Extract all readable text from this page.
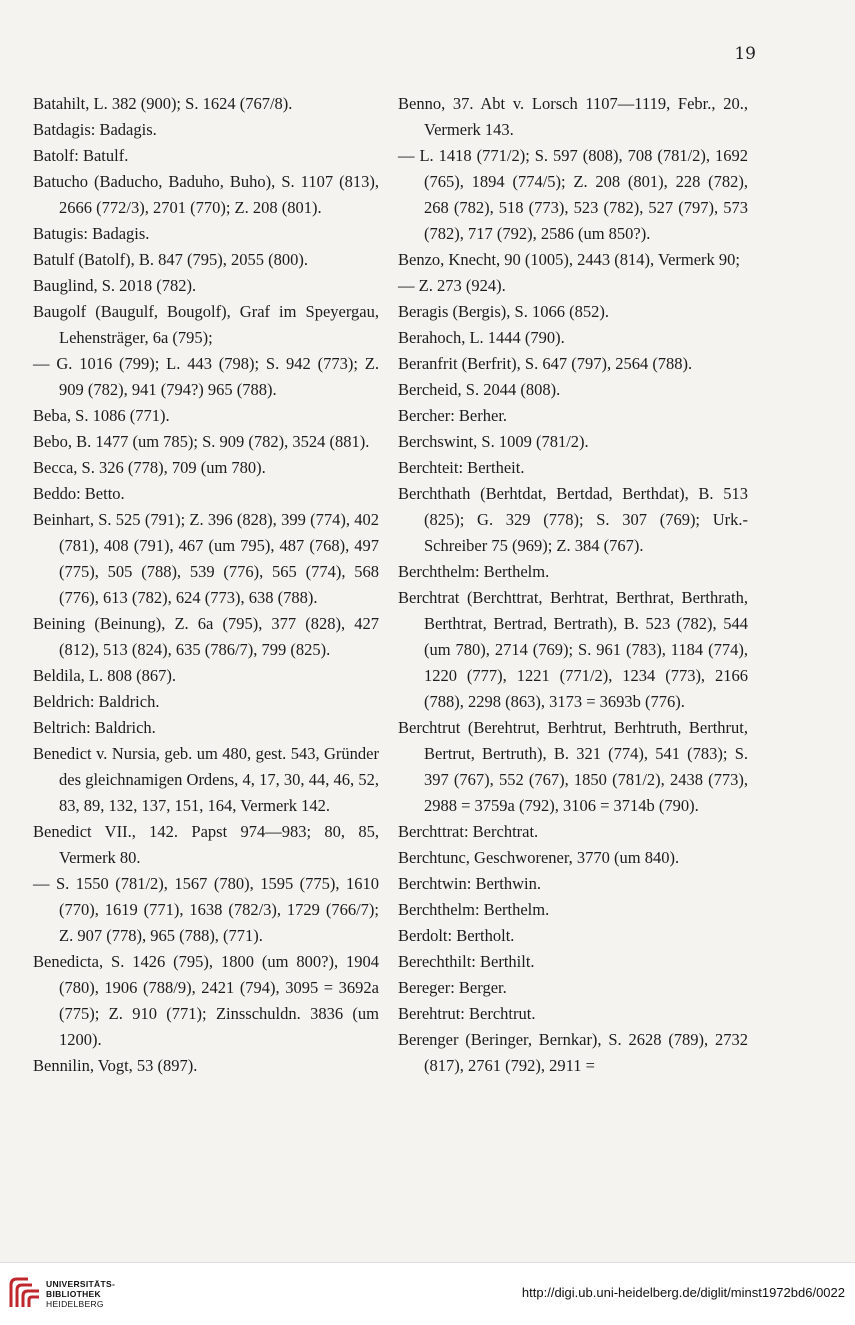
19
Batahilt, L. 382 (900); S. 1624 (767/8).
Batdagis: Badagis.
Batolf: Batulf.
Batucho (Baducho, Baduho, Buho), S. 1107 (813), 2666 (772/3), 2701 (770); Z. 208 (801).
Batugis: Badagis.
Batulf (Batolf), B. 847 (795), 2055 (800).
Bauglind, S. 2018 (782).
Baugolf (Baugulf, Bougolf), Graf im Speyergau, Lehensträger, 6a (795);
— G. 1016 (799); L. 443 (798); S. 942 (773); Z. 909 (782), 941 (794?) 965 (788).
Beba, S. 1086 (771).
Bebo, B. 1477 (um 785); S. 909 (782), 3524 (881).
Becca, S. 326 (778), 709 (um 780).
Beddo: Betto.
Beinhart, S. 525 (791); Z. 396 (828), 399 (774), 402 (781), 408 (791), 467 (um 795), 487 (768), 497 (775), 505 (788), 539 (776), 565 (774), 568 (776), 613 (782), 624 (773), 638 (788).
Beining (Beinung), Z. 6a (795), 377 (828), 427 (812), 513 (824), 635 (786/7), 799 (825).
Beldila, L. 808 (867).
Beldrich: Baldrich.
Beltrich: Baldrich.
Benedict v. Nursia, geb. um 480, gest. 543, Gründer des gleichnamigen Ordens, 4, 17, 30, 44, 46, 52, 83, 89, 132, 137, 151, 164, Vermerk 142.
Benedict VII., 142. Papst 974—983; 80, 85, Vermerk 80.
— S. 1550 (781/2), 1567 (780), 1595 (775), 1610 (770), 1619 (771), 1638 (782/3), 1729 (766/7); Z. 907 (778), 965 (788), (771).
Benedicta, S. 1426 (795), 1800 (um 800?), 1904 (780), 1906 (788/9), 2421 (794), 3095 = 3692a (775); Z. 910 (771); Zinsschuldn. 3836 (um 1200).
Bennilin, Vogt, 53 (897).
Benno, 37. Abt v. Lorsch 1107—1119, Febr., 20., Vermerk 143.
— L. 1418 (771/2); S. 597 (808), 708 (781/2), 1692 (765), 1894 (774/5); Z. 208 (801), 228 (782), 268 (782), 518 (773), 523 (782), 527 (797), 573 (782), 717 (792), 2586 (um 850?).
Benzo, Knecht, 90 (1005), 2443 (814), Vermerk 90;
— Z. 273 (924).
Beragis (Bergis), S. 1066 (852).
Berahoch, L. 1444 (790).
Beranfrit (Berfrit), S. 647 (797), 2564 (788).
Bercheid, S. 2044 (808).
Bercher: Berher.
Berchswint, S. 1009 (781/2).
Berchteit: Bertheit.
Berchthath (Berhtdat, Bertdad, Berthdat), B. 513 (825); G. 329 (778); S. 307 (769); Urk.-Schreiber 75 (969); Z. 384 (767).
Berchthelm: Berthelm.
Berchtrat (Berchttrat, Berhtrat, Berthrat, Berthrath, Berthtrat, Bertrad, Bertrath), B. 523 (782), 544 (um 780), 2714 (769); S. 961 (783), 1184 (774), 1220 (777), 1221 (771/2), 1234 (773), 2166 (788), 2298 (863), 3173 = 3693b (776).
Berchtrut (Berehtrut, Berhtrut, Berhtruth, Berthrut, Bertrut, Bertruth), B. 321 (774), 541 (783); S. 397 (767), 552 (767), 1850 (781/2), 2438 (773), 2988 = 3759a (792), 3106 = 3714b (790).
Berchttrat: Berchtrat.
Berchtunc, Geschworener, 3770 (um 840).
Berchtwin: Berthwin.
Berchthelm: Berthelm.
Berdolt: Bertholt.
Berechthilt: Berthilt.
Bereger: Berger.
Berehtrut: Berchtrut.
Berenger (Beringer, Bernkar), S. 2628 (789), 2732 (817), 2761 (792), 2911 =
UNIVERSITÄTS-
BIBLIOTHEK
HEIDELBERG
http://digi.ub.uni-heidelberg.de/diglit/minst1972bd6/0022
